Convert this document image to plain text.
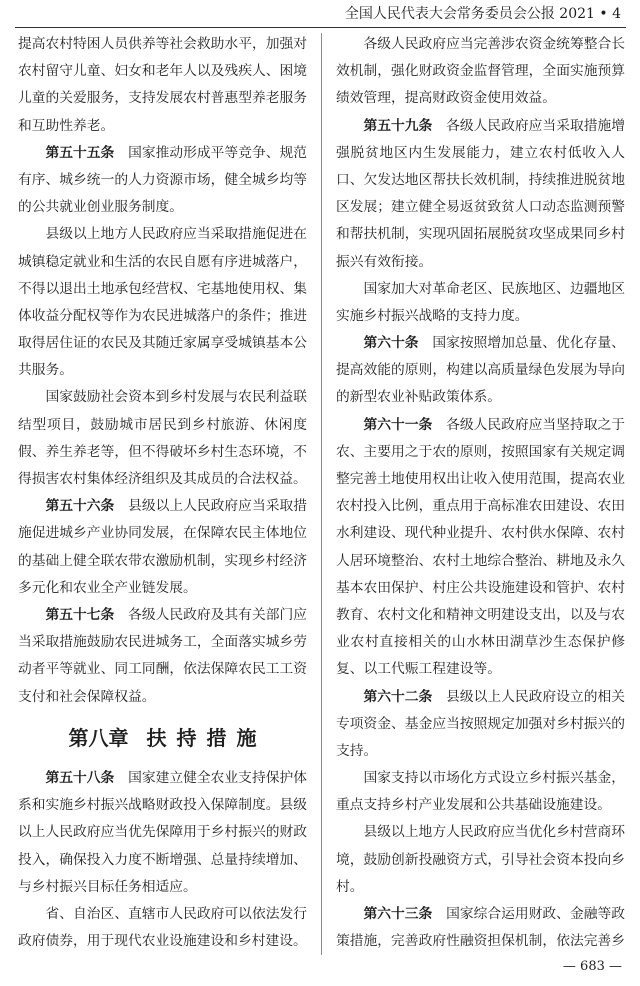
全国人民代表大会常务委员会公报 2021 • 4
提高农村特困人员供养等社会救助水平，加强对
农村留守儿童、妇女和老年人以及残疾人、困境
儿童的关爱服务，支持发展农村普惠型养老服务
和互助性养老。
第五十五条 国家推动形成平等竞争、规范
有序、城乡统一的人力资源市场，健全城乡均等
的公共就业创业服务制度。
县级以上地方人民政府应当采取措施促进在
城镇稳定就业和生活的农民自愿有序进城落户，
不得以退出土地承包经营权、宅基地使用权、集
体收益分配权等作为农民进城落户的条件；推进
取得居住证的农民及其随迁家属享受城镇基本公
共服务。
国家鼓励社会资本到乡村发展与农民利益联
结型项目，鼓励城市居民到乡村旅游、休闲度
假、养生养老等，但不得破坏乡村生态环境，不
得损害农村集体经济组织及其成员的合法权益。
第五十六条 县级以上人民政府应当采取措
施促进城乡产业协同发展，在保障农民主体地位
的基础上健全联农带农激励机制，实现乡村经济
多元化和农业全产业链发展。
第五十七条 各级人民政府及其有关部门应
当采取措施鼓励农民进城务工，全面落实城乡劳
动者平等就业、同工同酬，依法保障农民工工资
支付和社会保障权益。
第八章 扶持措施
第五十八条 国家建立健全农业支持保护体
系和实施乡村振兴战略财政投入保障制度。县级
以上人民政府应当优先保障用于乡村振兴的财政
投入，确保投入力度不断增强、总量持续增加、
与乡村振兴目标任务相适应。
省、自治区、直辖市人民政府可以依法发行
政府债券，用于现代农业设施建设和乡村建设。
各级人民政府应当完善涉农资金统筹整合长
效机制，强化财政资金监督管理，全面实施预算
绩效管理，提高财政资金使用效益。
第五十九条 各级人民政府应当采取措施增
强脱贫地区内生发展能力，建立农村低收入人
口、欠发达地区帮扶长效机制，持续推进脱贫地
区发展；建立健全易返贫致贫人口动态监测预警
和帮扶机制，实现巩固拓展脱贫攻坚成果同乡村
振兴有效衔接。
国家加大对革命老区、民族地区、边疆地区
实施乡村振兴战略的支持力度。
第六十条 国家按照增加总量、优化存量、
提高效能的原则，构建以高质量绿色发展为导向
的新型农业补贴政策体系。
第六十一条 各级人民政府应当坚持取之于
农、主要用之于农的原则，按照国家有关规定调
整完善土地使用权出让收入使用范围，提高农业
农村投入比例，重点用于高标准农田建设、农田
水利建设、现代种业提升、农村供水保障、农村
人居环境整治、农村土地综合整治、耕地及永久
基本农田保护、村庄公共设施建设和管护、农村
教育、农村文化和精神文明建设支出，以及与农
业农村直接相关的山水林田湖草沙生态保护修
复、以工代赈工程建设等。
第六十二条 县级以上人民政府设立的相关
专项资金、基金应当按照规定加强对乡村振兴的
支持。
国家支持以市场化方式设立乡村振兴基金，
重点支持乡村产业发展和公共基础设施建设。
县级以上地方人民政府应当优化乡村营商环
境，鼓励创新投融资方式，引导社会资本投向乡
村。
第六十三条 国家综合运用财政、金融等政
策措施，完善政府性融资担保机制，依法完善乡
— 683 —
